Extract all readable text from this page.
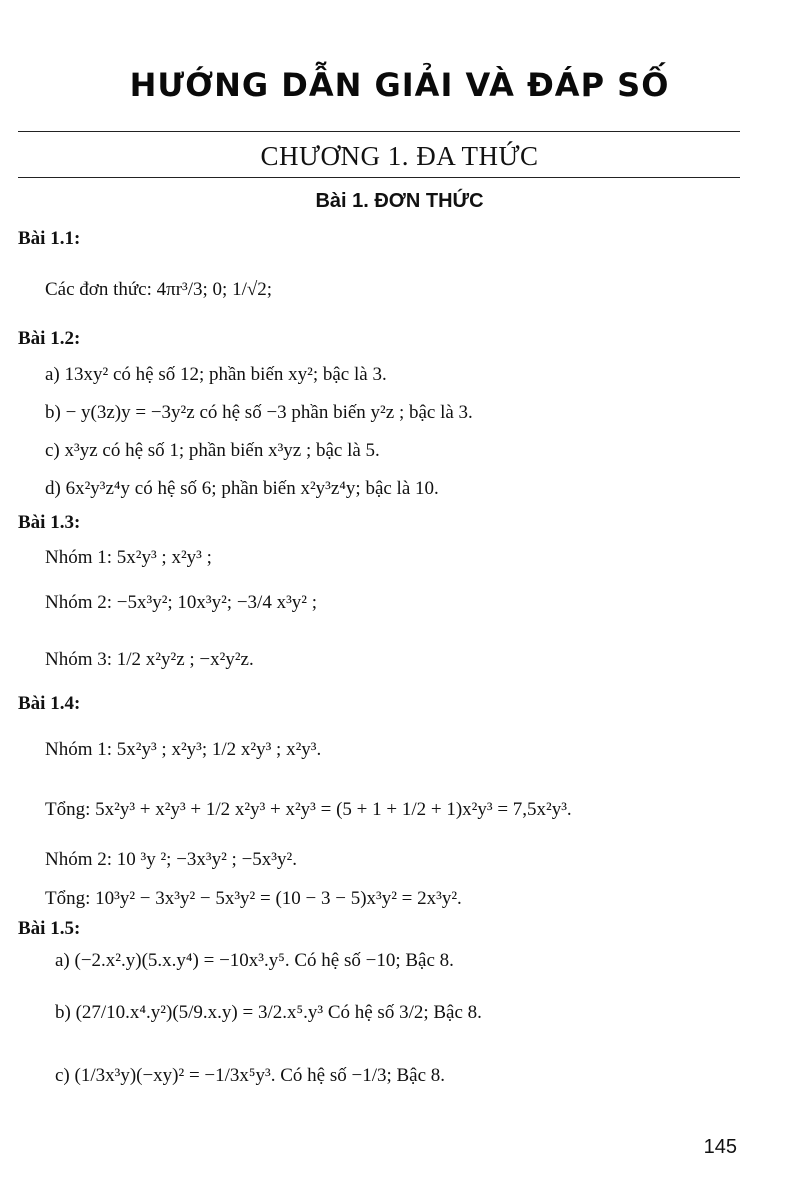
HƯỚNG DẪN GIẢI VÀ ĐÁP SỐ
CHƯƠNG 1. ĐA THỨC
Bài 1. ĐƠN THỨC
Bài 1.1:
Các đơn thức: 4πr³/3; 0; 1/√2;
Bài 1.2:
a) 13xy² có hệ số 12; phần biến xy²; bậc là 3.
b) − y(3z)y = −3y²z có hệ số −3 phần biến y²z ; bậc là 3.
c) x³yz có hệ số 1; phần biến x³yz ; bậc là 5.
d) 6x²y³z⁴y có hệ số 6; phần biến x²y³z⁴y; bậc là 10.
Bài 1.3:
Nhóm 1: 5x²y³ ; x²y³ ;
Nhóm 2: −5x³y²; 10x³y²; −3/4 x³y² ;
Nhóm 3: 1/2 x²y²z ; −x²y²z.
Bài 1.4:
Nhóm 1: 5x²y³ ; x²y³; 1/2 x²y³ ; x²y³.
Tổng: 5x²y³ + x²y³ + 1/2 x²y³ + x²y³ = (5 + 1 + 1/2 + 1)x²y³ = 7,5x²y³.
Nhóm 2: 10 ³y ²; −3x³y² ; −5x³y².
Tổng: 10³y² − 3x³y² − 5x³y² = (10 − 3 − 5)x³y² = 2x³y².
Bài 1.5:
a) (−2.x².y)(5.x.y⁴) = −10x³.y⁵. Có hệ số −10; Bậc 8.
b) (27/10.x⁴.y²)(5/9.x.y) = 3/2.x⁵.y³ Có hệ số 3/2; Bậc 8.
c) (1/3x³y)(−xy)² = −1/3x⁵y³. Có hệ số −1/3; Bậc 8.
145
